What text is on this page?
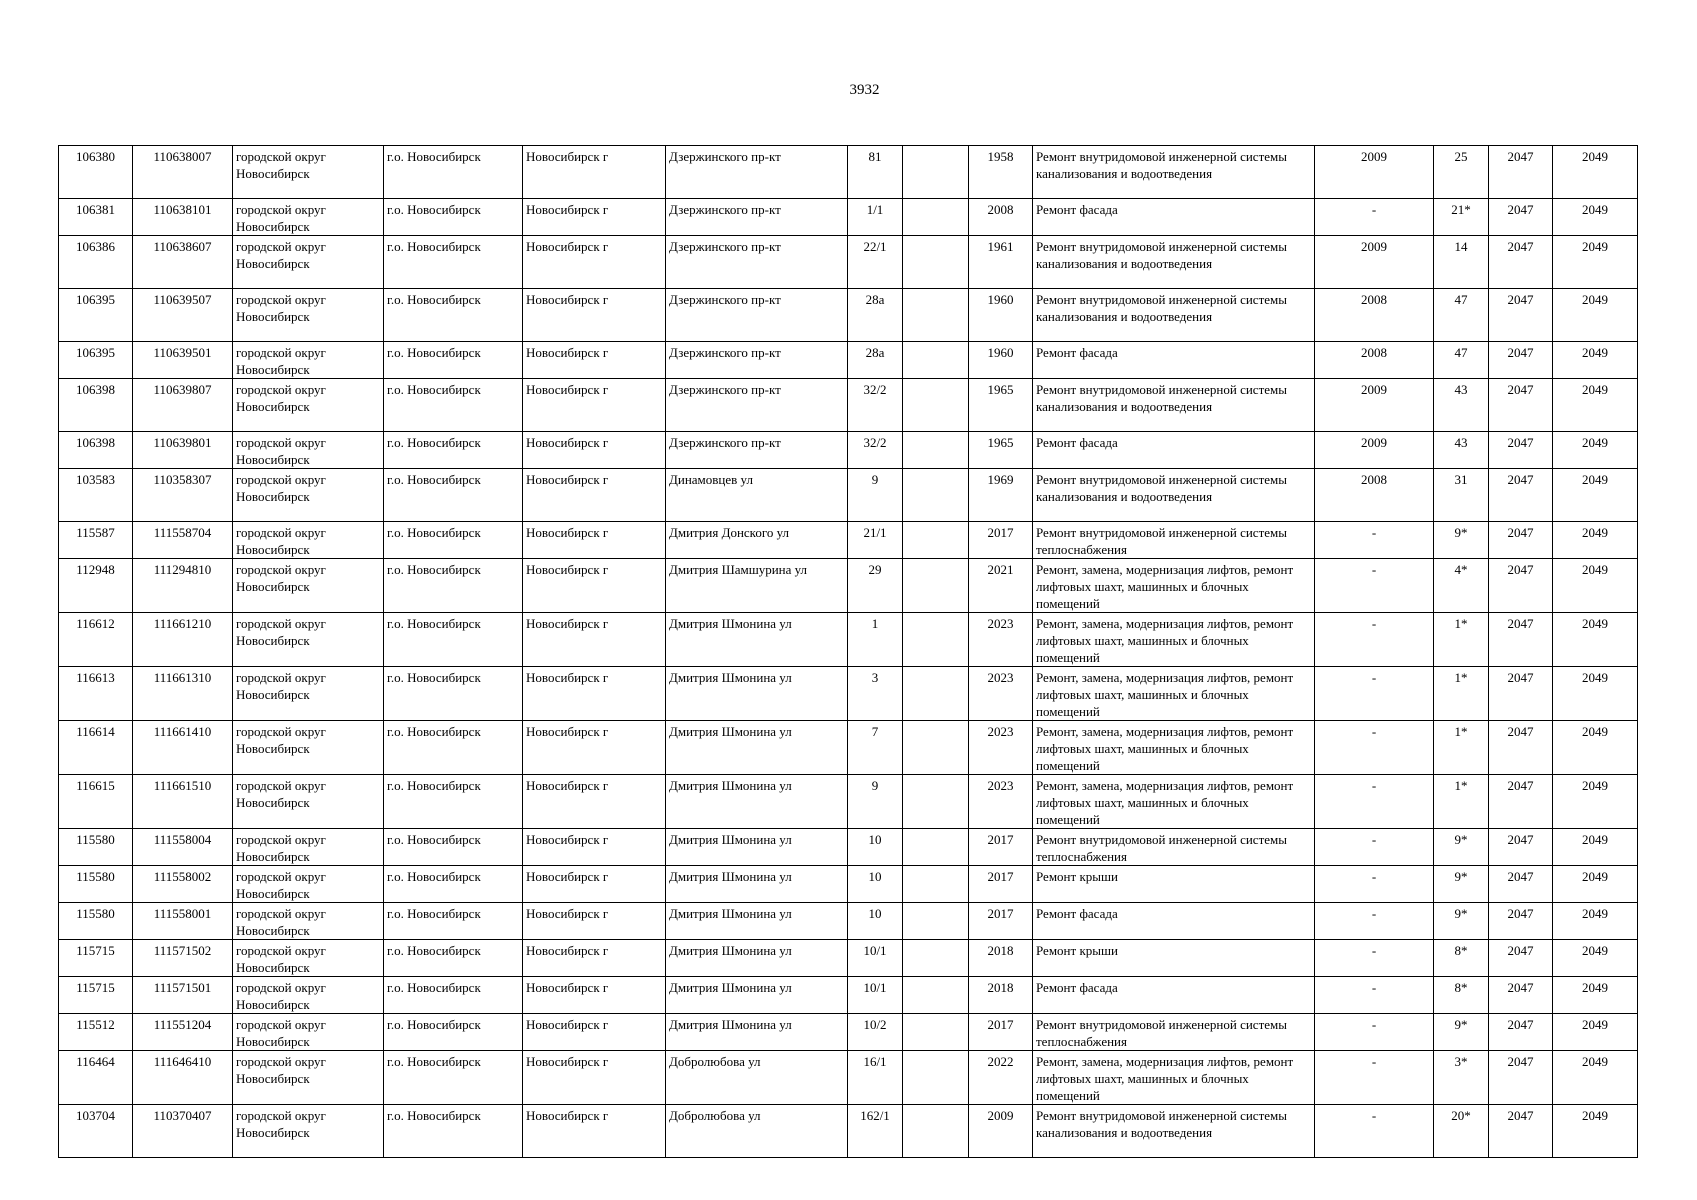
3932
106380	110638007	городской округ Новосибирск	г.о. Новосибирск	Новосибирск г	Дзержинского пр-кт	81		1958	Ремонт внутридомовой инженерной системы канализования и водоотведения	2009	25	2047	2049
106381	110638101	городской округ Новосибирск	г.о. Новосибирск	Новосибирск г	Дзержинского пр-кт	1/1		2008	Ремонт фасада	-	21*	2047	2049
106386	110638607	городской округ Новосибирск	г.о. Новосибирск	Новосибирск г	Дзержинского пр-кт	22/1		1961	Ремонт внутридомовой инженерной системы канализования и водоотведения	2009	14	2047	2049
106395	110639507	городской округ Новосибирск	г.о. Новосибирск	Новосибирск г	Дзержинского пр-кт	28а		1960	Ремонт внутридомовой инженерной системы канализования и водоотведения	2008	47	2047	2049
106395	110639501	городской округ Новосибирск	г.о. Новосибирск	Новосибирск г	Дзержинского пр-кт	28а		1960	Ремонт фасада	2008	47	2047	2049
106398	110639807	городской округ Новосибирск	г.о. Новосибирск	Новосибирск г	Дзержинского пр-кт	32/2		1965	Ремонт внутридомовой инженерной системы канализования и водоотведения	2009	43	2047	2049
106398	110639801	городской округ Новосибирск	г.о. Новосибирск	Новосибирск г	Дзержинского пр-кт	32/2		1965	Ремонт фасада	2009	43	2047	2049
103583	110358307	городской округ Новосибирск	г.о. Новосибирск	Новосибирск г	Динамовцев ул	9		1969	Ремонт внутридомовой инженерной системы канализования и водоотведения	2008	31	2047	2049
115587	111558704	городской округ Новосибирск	г.о. Новосибирск	Новосибирск г	Дмитрия Донского ул	21/1		2017	Ремонт внутридомовой инженерной системы теплоснабжения	-	9*	2047	2049
112948	111294810	городской округ Новосибирск	г.о. Новосибирск	Новосибирск г	Дмитрия Шамшурина ул	29		2021	Ремонт, замена, модернизация лифтов, ремонт лифтовых шахт, машинных и блочных помещений	-	4*	2047	2049
116612	111661210	городской округ Новосибирск	г.о. Новосибирск	Новосибирск г	Дмитрия Шмонина ул	1		2023	Ремонт, замена, модернизация лифтов, ремонт лифтовых шахт, машинных и блочных помещений	-	1*	2047	2049
116613	111661310	городской округ Новосибирск	г.о. Новосибирск	Новосибирск г	Дмитрия Шмонина ул	3		2023	Ремонт, замена, модернизация лифтов, ремонт лифтовых шахт, машинных и блочных помещений	-	1*	2047	2049
116614	111661410	городской округ Новосибирск	г.о. Новосибирск	Новосибирск г	Дмитрия Шмонина ул	7		2023	Ремонт, замена, модернизация лифтов, ремонт лифтовых шахт, машинных и блочных помещений	-	1*	2047	2049
116615	111661510	городской округ Новосибирск	г.о. Новосибирск	Новосибирск г	Дмитрия Шмонина ул	9		2023	Ремонт, замена, модернизация лифтов, ремонт лифтовых шахт, машинных и блочных помещений	-	1*	2047	2049
115580	111558004	городской округ Новосибирск	г.о. Новосибирск	Новосибирск г	Дмитрия Шмонина ул	10		2017	Ремонт внутридомовой инженерной системы теплоснабжения	-	9*	2047	2049
115580	111558002	городской округ Новосибирск	г.о. Новосибирск	Новосибирск г	Дмитрия Шмонина ул	10		2017	Ремонт крыши	-	9*	2047	2049
115580	111558001	городской округ Новосибирск	г.о. Новосибирск	Новосибирск г	Дмитрия Шмонина ул	10		2017	Ремонт фасада	-	9*	2047	2049
115715	111571502	городской округ Новосибирск	г.о. Новосибирск	Новосибирск г	Дмитрия Шмонина ул	10/1		2018	Ремонт крыши	-	8*	2047	2049
115715	111571501	городской округ Новосибирск	г.о. Новосибирск	Новосибирск г	Дмитрия Шмонина ул	10/1		2018	Ремонт фасада	-	8*	2047	2049
115512	111551204	городской округ Новосибирск	г.о. Новосибирск	Новосибирск г	Дмитрия Шмонина ул	10/2		2017	Ремонт внутридомовой инженерной системы теплоснабжения	-	9*	2047	2049
116464	111646410	городской округ Новосибирск	г.о. Новосибирск	Новосибирск г	Добролюбова ул	16/1		2022	Ремонт, замена, модернизация лифтов, ремонт лифтовых шахт, машинных и блочных помещений	-	3*	2047	2049
103704	110370407	городской округ Новосибирск	г.о. Новосибирск	Новосибирск г	Добролюбова ул	162/1		2009	Ремонт внутридомовой инженерной системы канализования и водоотведения	-	20*	2047	2049
